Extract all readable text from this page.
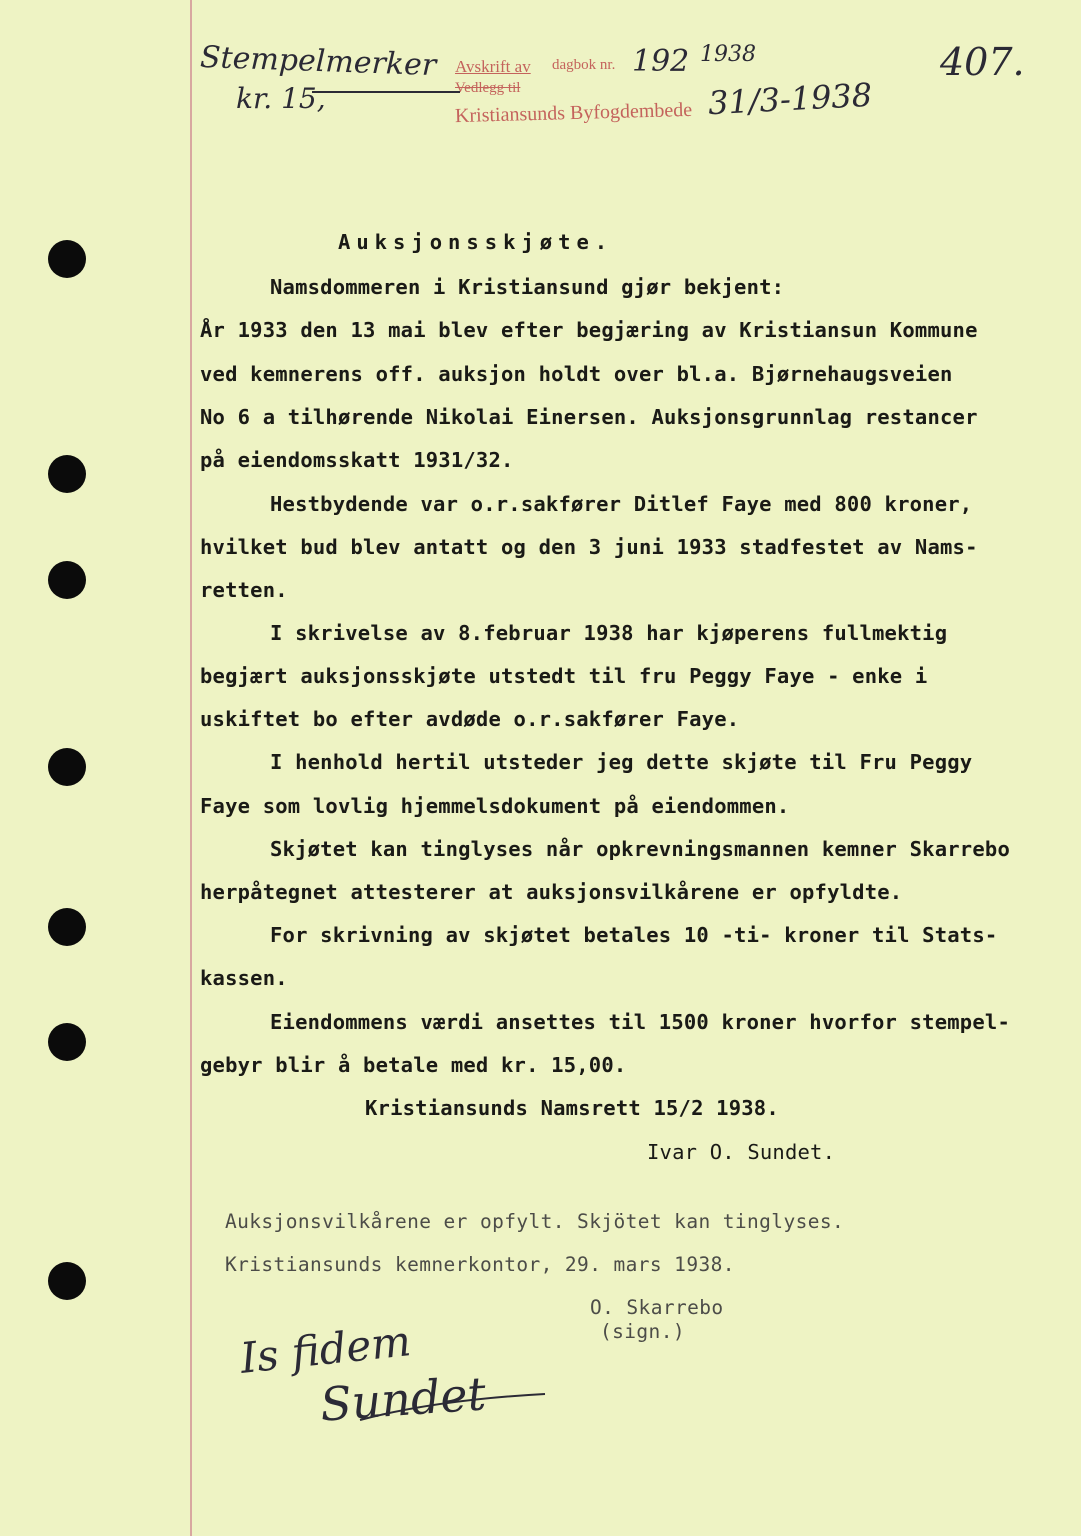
Stempelmerker
kr. 15,
Avskrift av dagbok nr. 192 1938
Vedlegg til
Kristiansunds Byfogdembede 31/3-1938
407.
Auksjonsskjøte.
Namsdommeren i Kristiansund gjør bekjent:
År 1933 den 13 mai blev efter begjæring av Kristiansun Kommune
ved kemnerens off. auksjon holdt over bl.a. Bjørnehaugsveien
No 6 a tilhørende Nikolai Einersen. Auksjonsgrunnlag restancer
på eiendomsskatt 1931/32.
Hestbydende var o.r.sakfører Ditlef Faye med 800 kroner,
hvilket bud blev antatt og den 3 juni 1933 stadfestet av Nams-
retten.
I skrivelse av 8.februar 1938 har kjøperens fullmektig
begjært auksjonsskjøte utstedt til fru Peggy Faye - enke i
uskiftet bo efter avdøde o.r.sakfører Faye.
I henhold hertil utsteder jeg dette skjøte til Fru Peggy
Faye som lovlig hjemmelsdokument på eiendommen.
Skjøtet kan tinglyses når opkrevningsmannen kemner Skarrebo
herpåtegnet attesterer at auksjonsvilkårene er opfyldte.
For skrivning av skjøtet betales 10 -ti- kroner til Stats-
kassen.
Eiendommens værdi ansettes til 1500 kroner hvorfor stempel-
gebyr blir å betale med kr. 15,00.
Kristiansunds Namsrett 15/2 1938.
Ivar O. Sundet.
Auksjonsvilkårene er opfylt. Skjötet kan tinglyses.
Kristiansunds kemnerkontor, 29. mars 1938.
O. Skarrebo
(sign.)
Is fidem
Sundet
